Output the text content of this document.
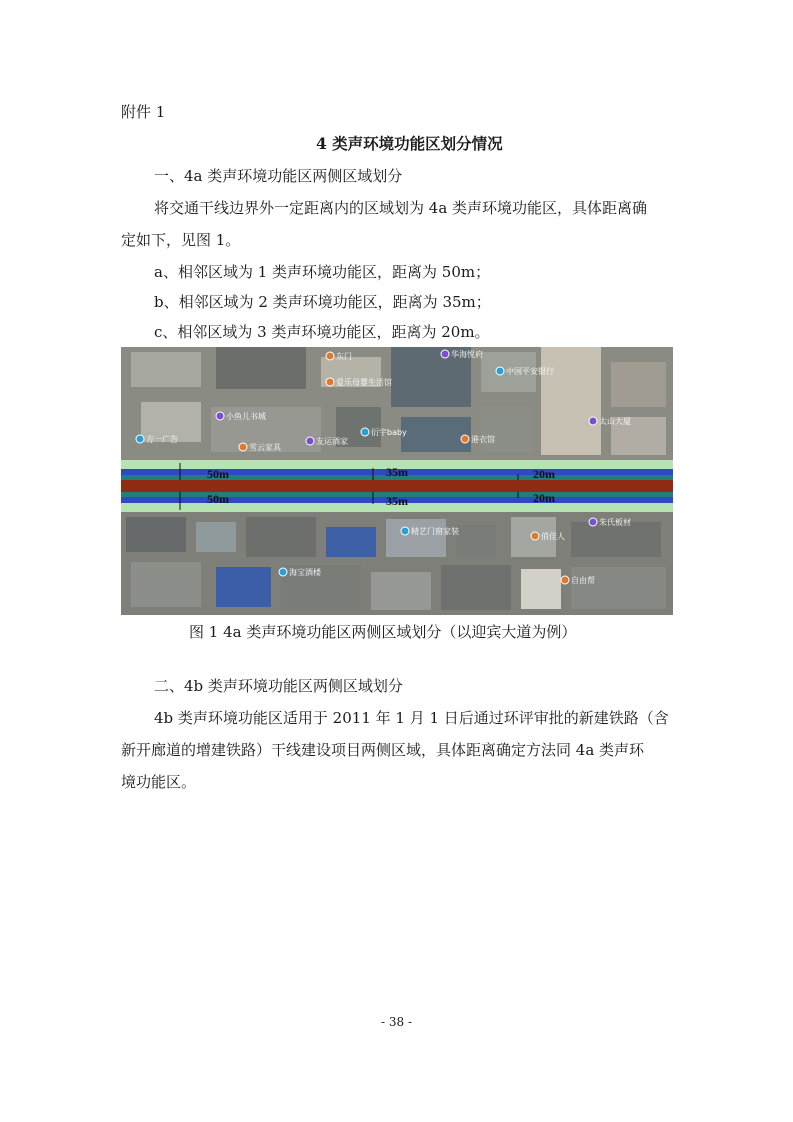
附件 1
4 类声环境功能区划分情况
一、4a 类声环境功能区两侧区域划分
将交通干线边界外一定距离内的区域划为 4a 类声环境功能区，具体距离确
定如下，见图 1。
a、相邻区域为 1 类声环境功能区，距离为 50m；
b、相邻区域为 2 类声环境功能区，距离为 35m；
c、相邻区域为 3 类声环境功能区，距离为 20m。
东门	华海悦府
中国平安银行
爱乐母婴生活馆
小鱼儿书城
方一广告
雪云家具
友运酒家
衍宇baby
港衣馆
太山大厦
精艺门窗家装
俏佳人
朱氏板材
海宝酒楼
自由帮
50m
50m
35m
35m
20m
20m
图 1 4a 类声环境功能区两侧区域划分（以迎宾大道为例）
二、4b 类声环境功能区两侧区域划分
4b 类声环境功能区适用于 2011 年 1 月 1 日后通过环评审批的新建铁路（含
新开廊道的增建铁路）干线建设项目两侧区域，具体距离确定方法同 4a 类声环
境功能区。
- 38 -
